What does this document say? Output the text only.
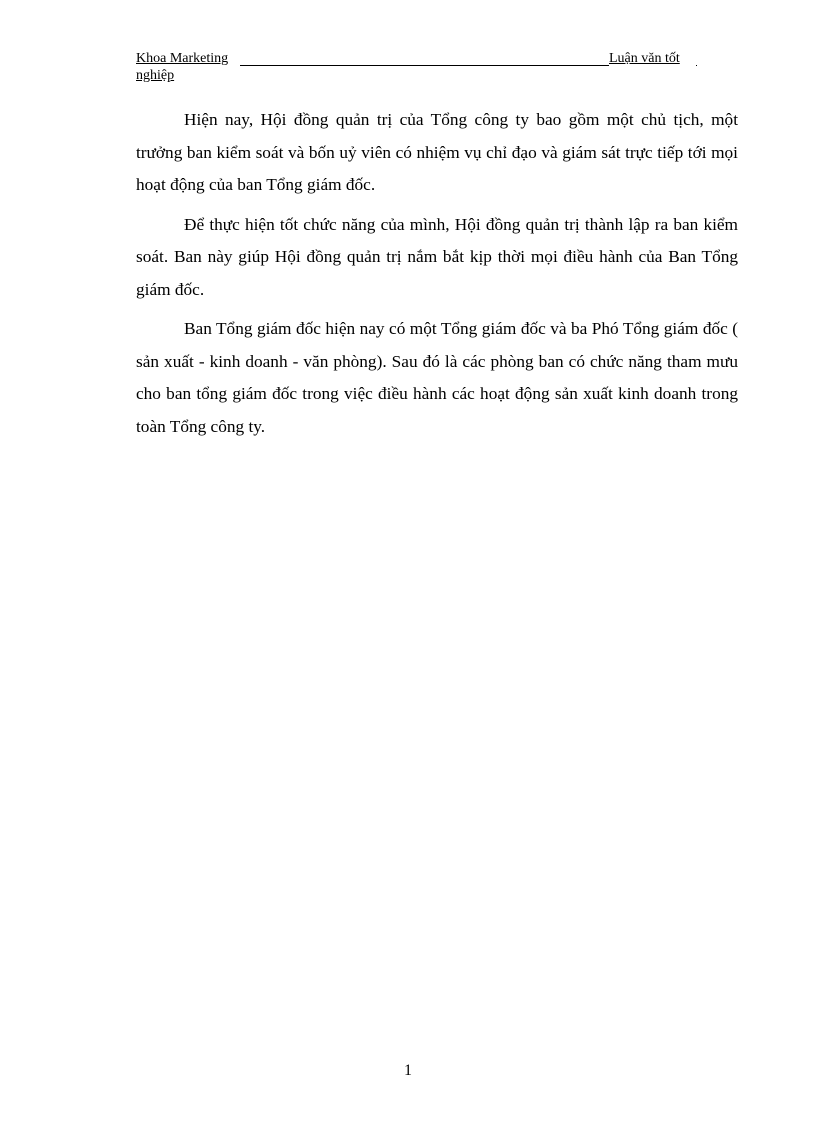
Khoa Marketing	Luận văn tốt
nghiệp

Hiện nay, Hội đồng quản trị của Tổng công ty bao gồm một chủ tịch, một trưởng ban kiểm soát và bốn uỷ viên có nhiệm vụ chỉ đạo và giám sát trực tiếp tới mọi hoạt động của ban Tổng giám đốc.

Để thực hiện tốt chức năng của mình, Hội đồng quản trị thành lập ra ban kiểm soát. Ban này giúp Hội đồng quản trị nắm bắt kịp thời mọi điều hành của Ban Tổng giám đốc.

Ban Tổng giám đốc hiện nay có một Tổng giám đốc và ba Phó Tổng giám đốc ( sản xuất - kinh doanh - văn phòng). Sau đó là các phòng ban có chức năng tham mưu cho ban tổng giám đốc trong việc điều hành các hoạt động sản xuất kinh doanh trong toàn Tổng công ty.

1
